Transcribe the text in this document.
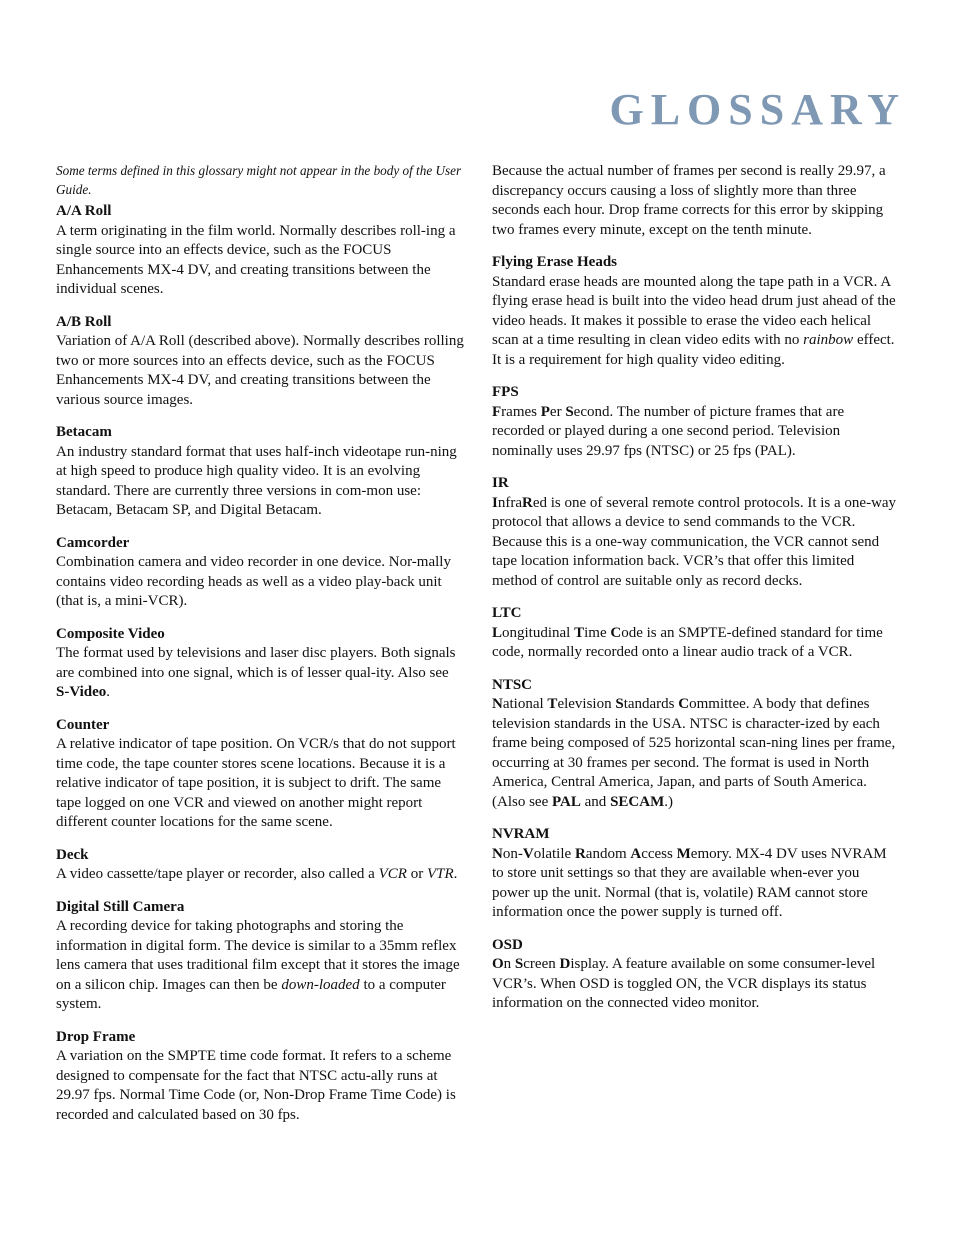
GLOSSARY

Some terms defined in this glossary might not appear in the body of the User Guide.

A/A Roll
A term originating in the film world. Normally describes roll-ing a single source into an effects device, such as the FOCUS Enhancements MX-4 DV, and creating transitions between the individual scenes.
A/B Roll
Variation of A/A Roll (described above). Normally describes rolling two or more sources into an effects device, such as the FOCUS Enhancements MX-4 DV, and creating transitions between the various source images.
Betacam
An industry standard format that uses half-inch videotape run-ning at high speed to produce high quality video. It is an evolving standard. There are currently three versions in com-mon use: Betacam, Betacam SP, and Digital Betacam.
Camcorder
Combination camera and video recorder in one device. Nor-mally contains video recording heads as well as a video play-back unit (that is, a mini-VCR).
Composite Video
The format used by televisions and laser disc players. Both signals are combined into one signal, which is of lesser qual-ity. Also see S-Video.
Counter
A relative indicator of tape position. On VCR/s that do not support time code, the tape counter stores scene locations. Because it is a relative indicator of tape position, it is subject to drift. The same tape logged on one VCR and viewed on another might report different counter locations for the same scene.
Deck
A video cassette/tape player or recorder, also called a VCR or VTR.
Digital Still Camera
A recording device for taking photographs and storing the information in digital form. The device is similar to a 35mm reflex lens camera that uses traditional film except that it stores the image on a silicon chip. Images can then be down-loaded to a computer system.
Drop Frame
A variation on the SMPTE time code format. It refers to a scheme designed to compensate for the fact that NTSC actu-ally runs at 29.97 fps. Normal Time Code (or, Non-Drop Frame Time Code) is recorded and calculated based on 30 fps.

Because the actual number of frames per second is really 29.97, a discrepancy occurs causing a loss of slightly more than three seconds each hour. Drop frame corrects for this error by skipping two frames every minute, except on the tenth minute.

Flying Erase Heads
Standard erase heads are mounted along the tape path in a VCR. A flying erase head is built into the video head drum just ahead of the video heads. It makes it possible to erase the video each helical scan at a time resulting in clean video edits with no rainbow effect. It is a requirement for high quality video editing.
FPS
Frames Per Second. The number of picture frames that are recorded or played during a one second period. Television nominally uses 29.97 fps (NTSC) or 25 fps (PAL).
IR
InfraRed is one of several remote control protocols. It is a one-way protocol that allows a device to send commands to the VCR. Because this is a one-way communication, the VCR cannot send tape location information back. VCR’s that offer this limited method of control are suitable only as record decks.
LTC
Longitudinal Time Code is an SMPTE-defined standard for time code, normally recorded onto a linear audio track of a VCR.
NTSC
National Television Standards Committee. A body that defines television standards in the USA. NTSC is character-ized by each frame being composed of 525 horizontal scan-ning lines per frame, occurring at 30 frames per second. The format is used in North America, Central America, Japan, and parts of South America. (Also see PAL and SECAM.)
NVRAM
Non-Volatile Random Access Memory. MX-4 DV uses NVRAM to store unit settings so that they are available when-ever you power up the unit. Normal (that is, volatile) RAM cannot store information once the power supply is turned off.
OSD
On Screen Display. A feature available on some consumer-level VCR’s. When OSD is toggled ON, the VCR displays its status information on the connected video monitor.
